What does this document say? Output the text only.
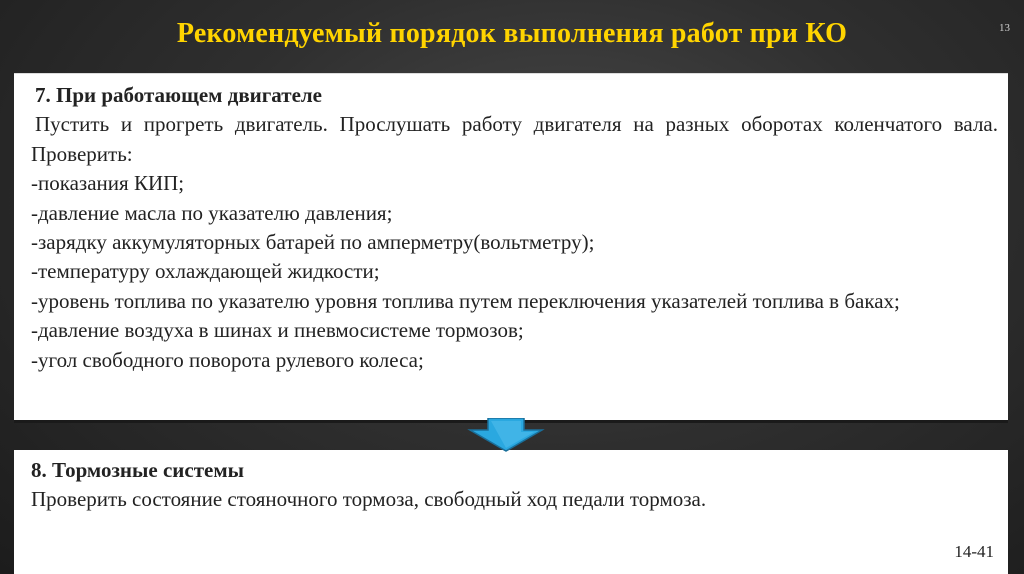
Рекомендуемый порядок выполнения работ при КО	13
7. При работающем двигателе
Пустить и прогреть двигатель. Прослушать работу двигателя на разных оборотах коленчатого вала. Проверить:
-показания КИП;
-давление масла по указателю давления;
-зарядку аккумуляторных батарей по амперметру(вольтметру);
-температуру охлаждающей жидкости;
-уровень топлива по указателю уровня топлива путем переключения указателей топлива в баках;
-давление воздуха в шинах и пневмосистеме тормозов;
-угол свободного поворота рулевого колеса;
8. Тормозные системы
Проверить состояние стояночного тормоза, свободный ход педали тормоза.
14-41
